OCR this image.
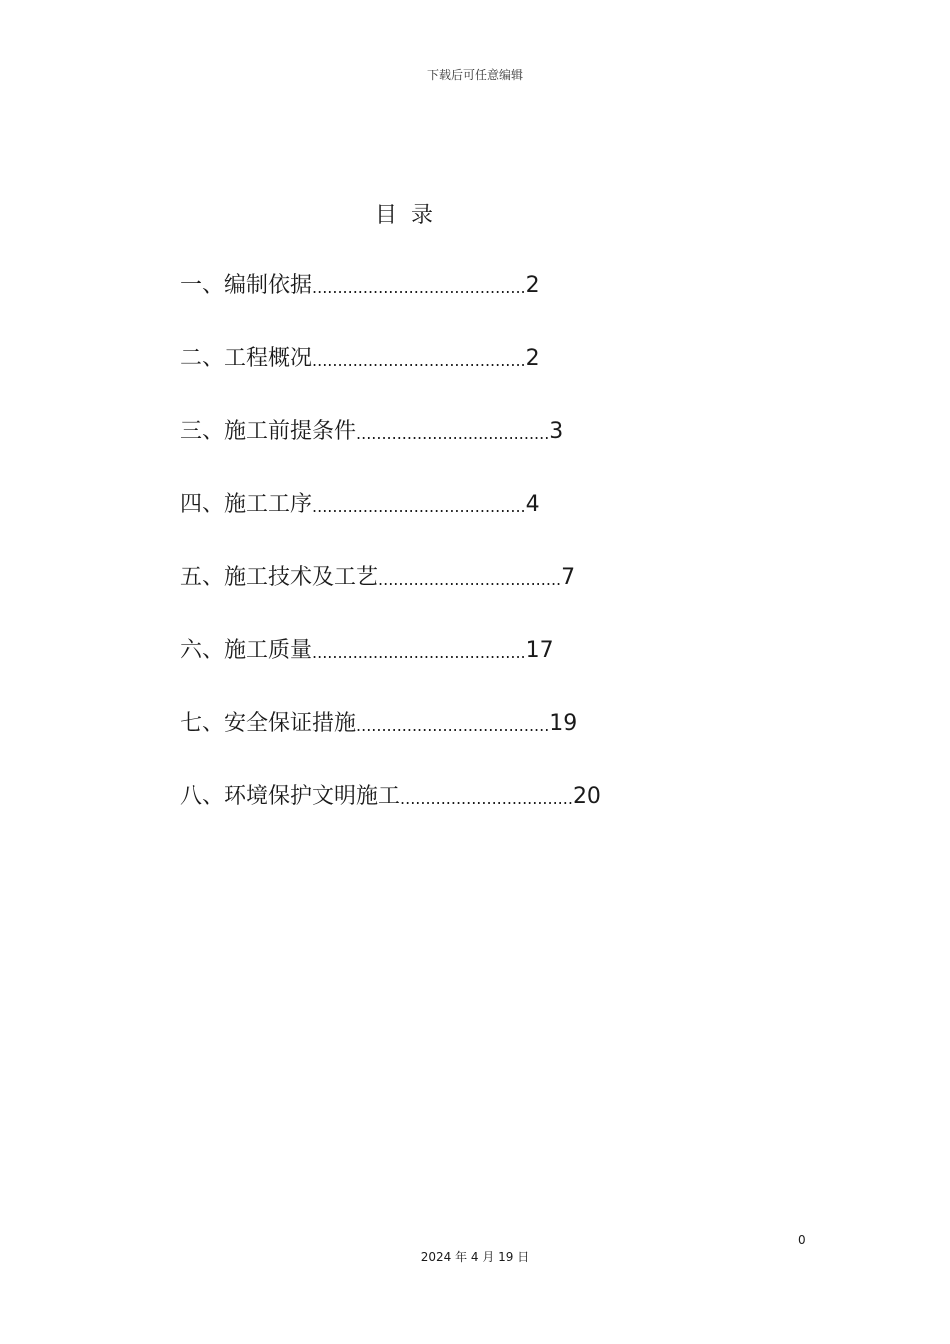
下载后可任意编辑
目录
一、编制依据 .......................................... 2
二、工程概况 .......................................... 2
三、施工前提条件 ...................................... 3
四、施工工序 .......................................... 4
五、施工技术及工艺 .................................... 7
六、施工质量 .......................................... 17
七、安全保证措施 ...................................... 19
八、环境保护文明施工 .................................. 20
0
2024 年 4 月 19 日
